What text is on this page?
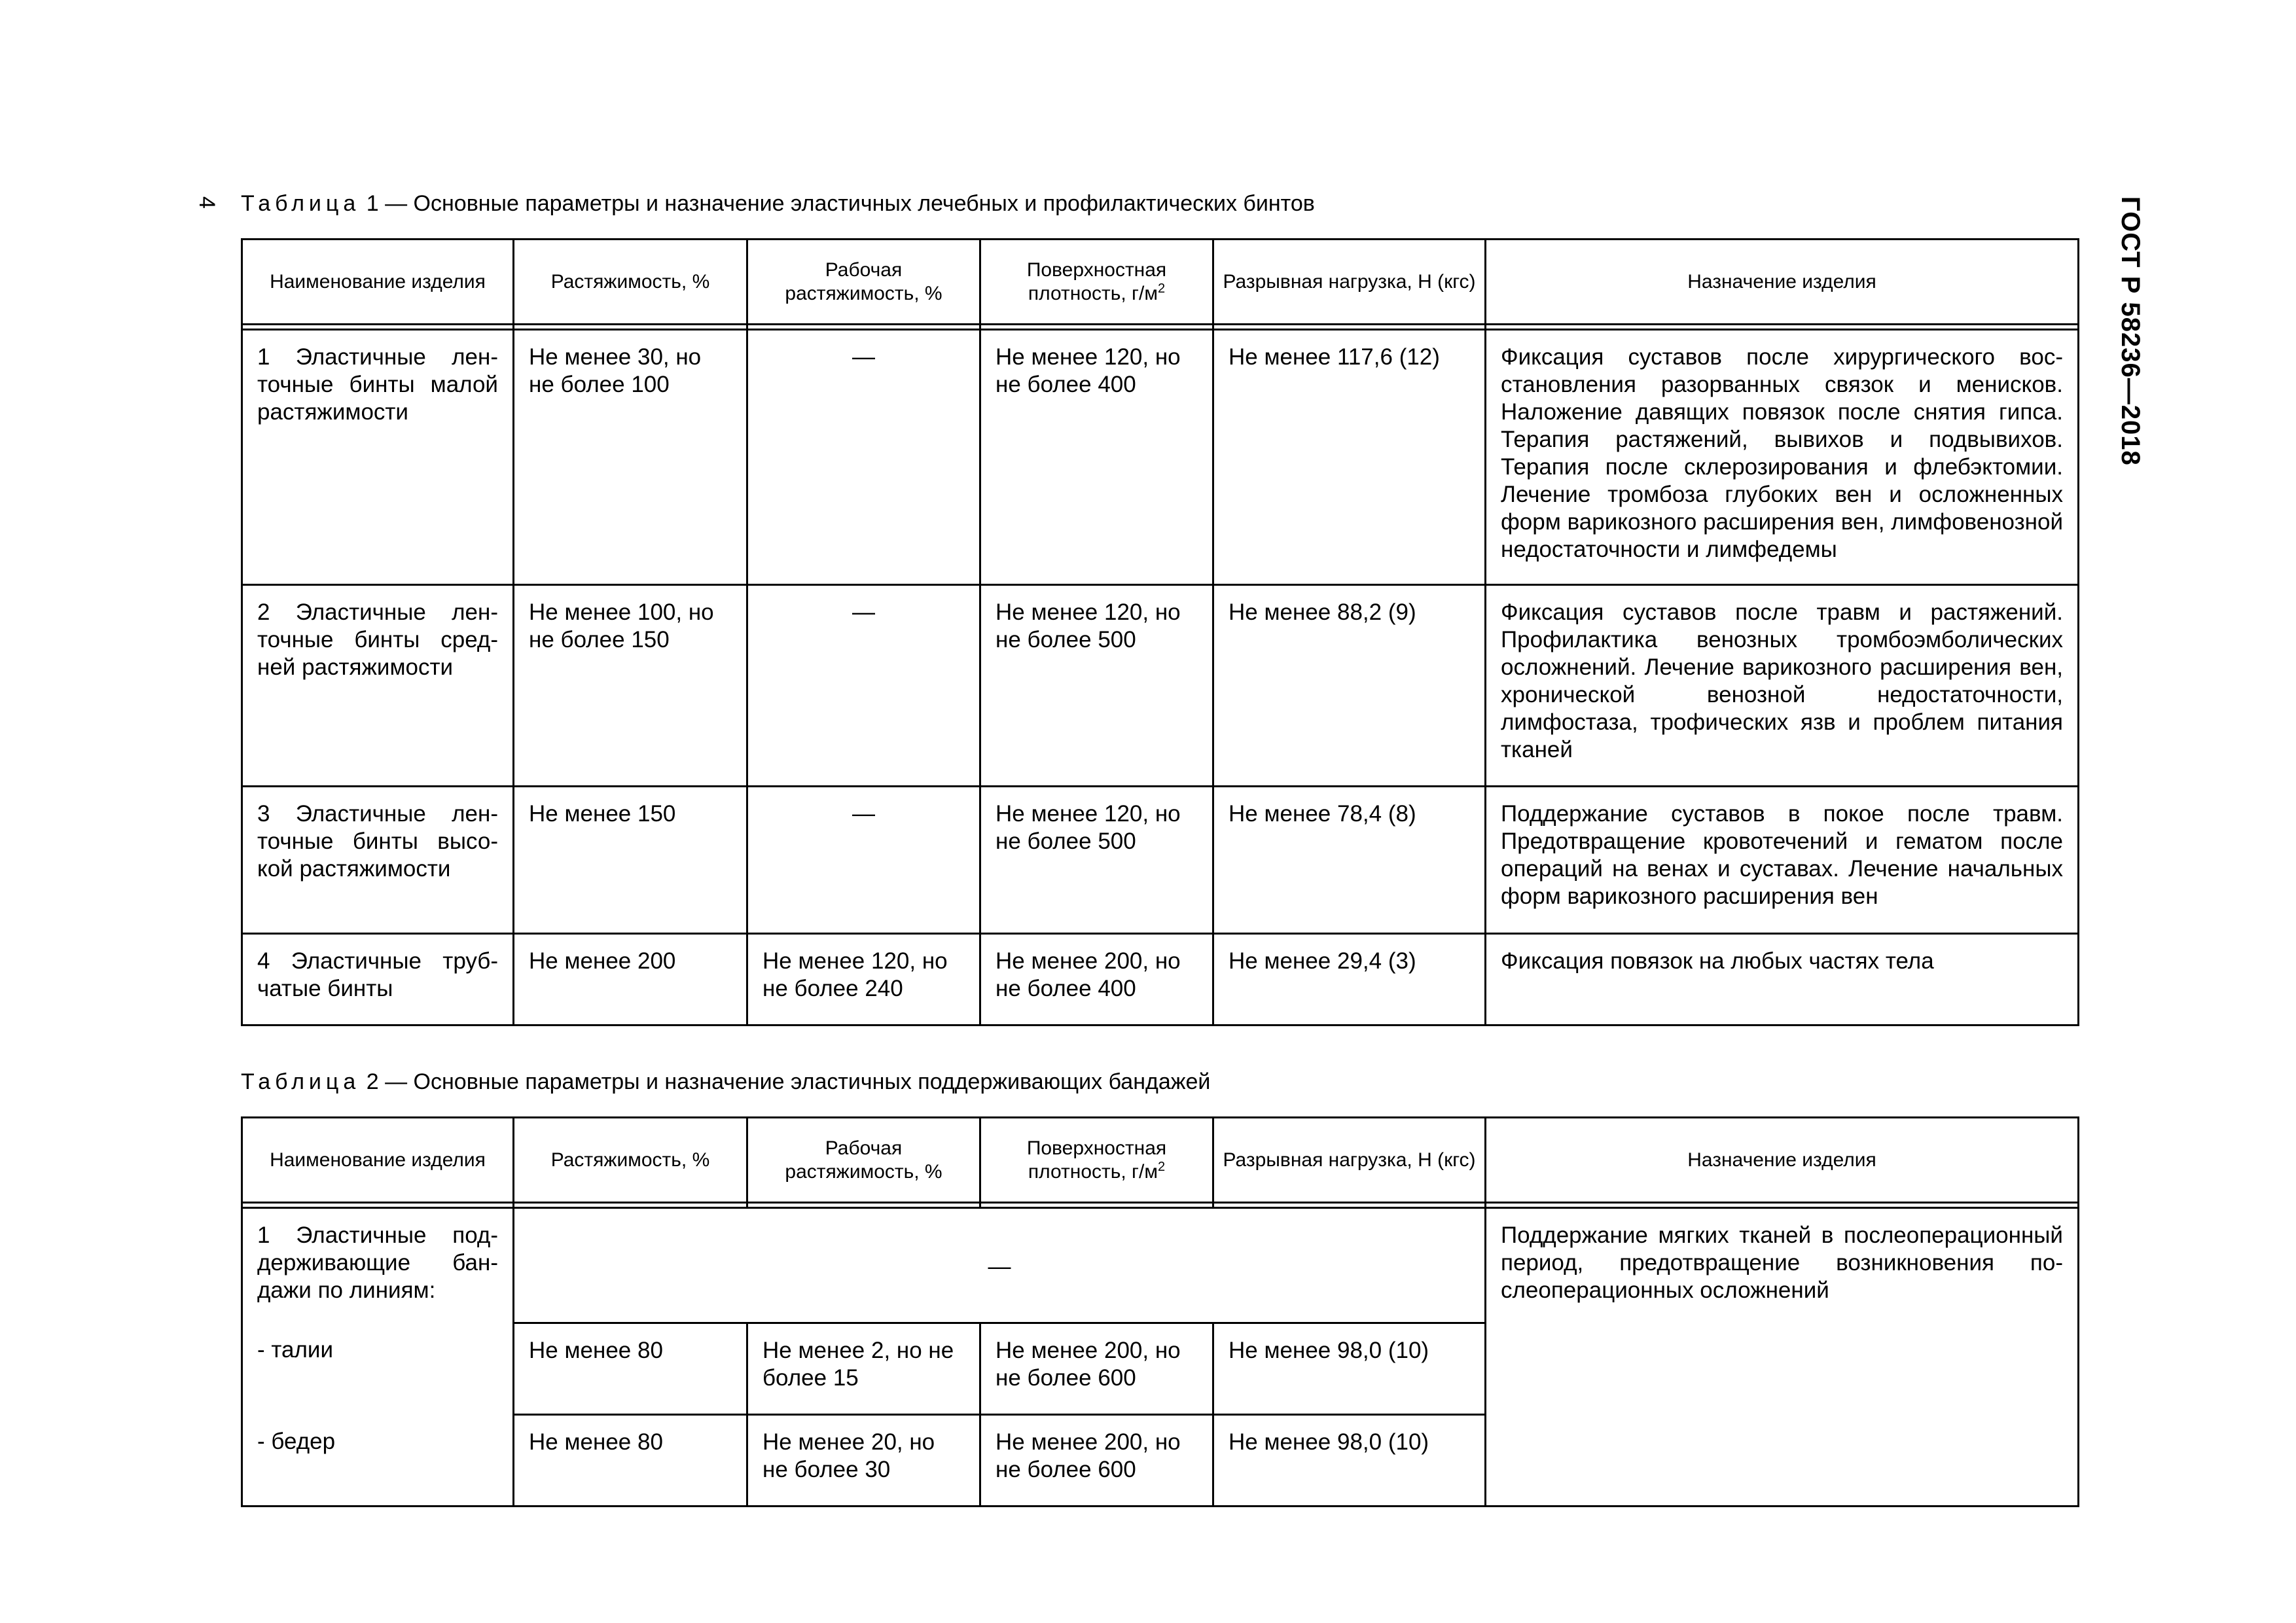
4	ГОСТ Р 58236—2018
Таблица 1 — Основные параметры и назначение эластичных лечебных и профилактических бинтов
Наименование изделия	Растяжимость, %	Рабочая растяжимость, %	Поверхностная плотность, $г/м^2$	Разрывная нагрузка, Н (кгс)	Назначение изделия

1 Эластичные ленточные бинты малой растяжимости	Не менее 30, но не более 100	—	Не менее 120, но не более 400	Не менее 117,6 (12)	Фиксация суставов после хирургического восстановления разорванных связок и менисков. Наложение давящих повязок после снятия гипса. Терапия растяжений, вывихов и подвывихов. Терапия после склерозирования и флебэктомии. Лечение тромбоза глубоких вен и осложненных форм варикозного расширения вен, лимфовенозной недостаточности и лимфедемы
2 Эластичные ленточные бинты средней растяжимости	Не менее 100, но не более 150	—	Не менее 120, но не более 500	Не менее 88,2 (9)	Фиксация суставов после травм и растяжений. Профилактика венозных тромбоэмболических осложнений. Лечение варикозного расширения вен, хронической венозной недостаточности, лимфостаза, трофических язв и проблем питания тканей
3 Эластичные ленточные бинты высокой растяжимости	Не менее 150	—	Не менее 120, но не более 500	Не менее 78,4 (8)	Поддержание суставов в покое после травм. Предотвращение кровотечений и гематом после операций на венах и суставах. Лечение начальных форм варикозного расширения вен
4 Эластичные трубчатые бинты	Не менее 200	Не менее 120, но не более 240	Не менее 200, но не более 400	Не менее 29,4 (3)	Фиксация повязок на любых частях тела
Таблица 2 — Основные параметры и назначение эластичных поддерживающих бандажей
Наименование изделия	Растяжимость, %	Рабочая растяжимость, %	Поверхностная плотность, $г/м^2$	Разрывная нагрузка, Н (кгс)	Назначение изделия

1 Эластичные поддерживающие бандажи по линиям:	—				Поддержание мягких тканей в послеоперационный период, предотвращение возникновения послеоперационных осложнений
- талии	Не менее 80	Не менее 2, но не более 15	Не менее 200, но не более 600	Не менее 98,0 (10)	
- бедер	Не менее 80	Не менее 20, но не более 30	Не менее 200, но не более 600	Не менее 98,0 (10)	
